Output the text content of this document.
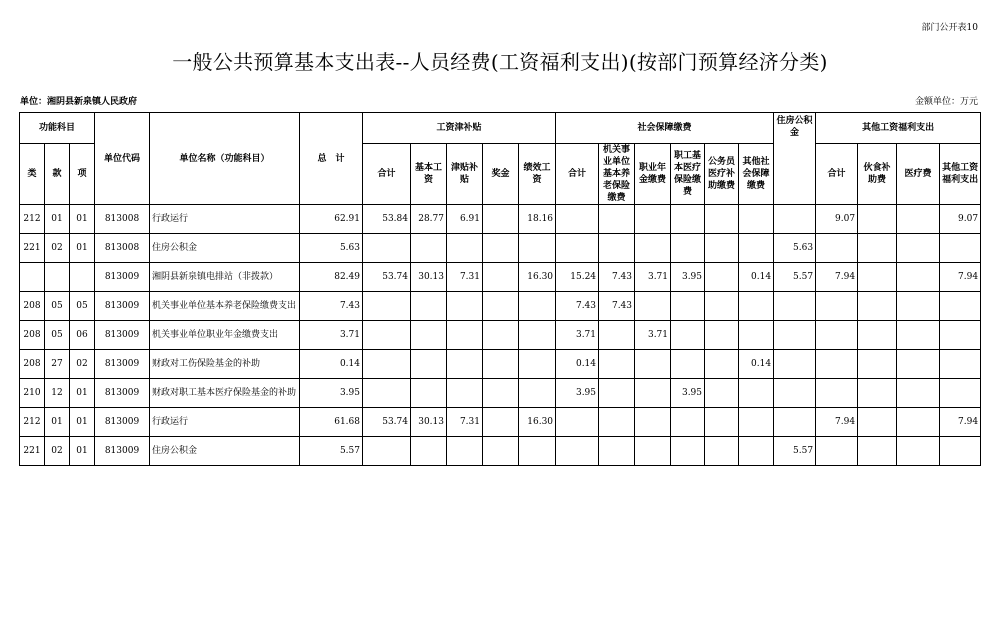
部门公开表10
一般公共预算基本支出表--人员经费(工资福利支出)(按部门预算经济分类)
单位：湘阴县新泉镇人民政府	金额单位：万元
功能科目			单位代码	单位名称（功能科目）	总　计	工资津补贴					社会保障缴费						住房公积金	其他工资福利支出			
类	款	项				合计	基本工资	津贴补贴	奖金	绩效工资	合计	机关事业单位基本养老保险缴费	职业年金缴费	职工基本医疗保险缴费	公务员医疗补助缴费	其他社会保障缴费		合计	伙食补助费	医疗费	其他工资福利支出
212	01	01	813008	行政运行	62.91	53.84	28.77	6.91		18.16								9.07			9.07
221	02	01	813008	住房公积金	5.63												5.63				
			813009	湘阴县新泉镇电排站（非拨款）	82.49	53.74	30.13	7.31		16.30	15.24	7.43	3.71	3.95		0.14	5.57	7.94			7.94
208	05	05	813009	机关事业单位基本养老保险缴费支出	7.43						7.43	7.43									
208	05	06	813009	机关事业单位职业年金缴费支出	3.71						3.71		3.71								
208	27	02	813009	财政对工伤保险基金的补助	0.14						0.14					0.14					
210	12	01	813009	财政对职工基本医疗保险基金的补助	3.95						3.95			3.95							
212	01	01	813009	行政运行	61.68	53.74	30.13	7.31		16.30								7.94			7.94
221	02	01	813009	住房公积金	5.57												5.57				
